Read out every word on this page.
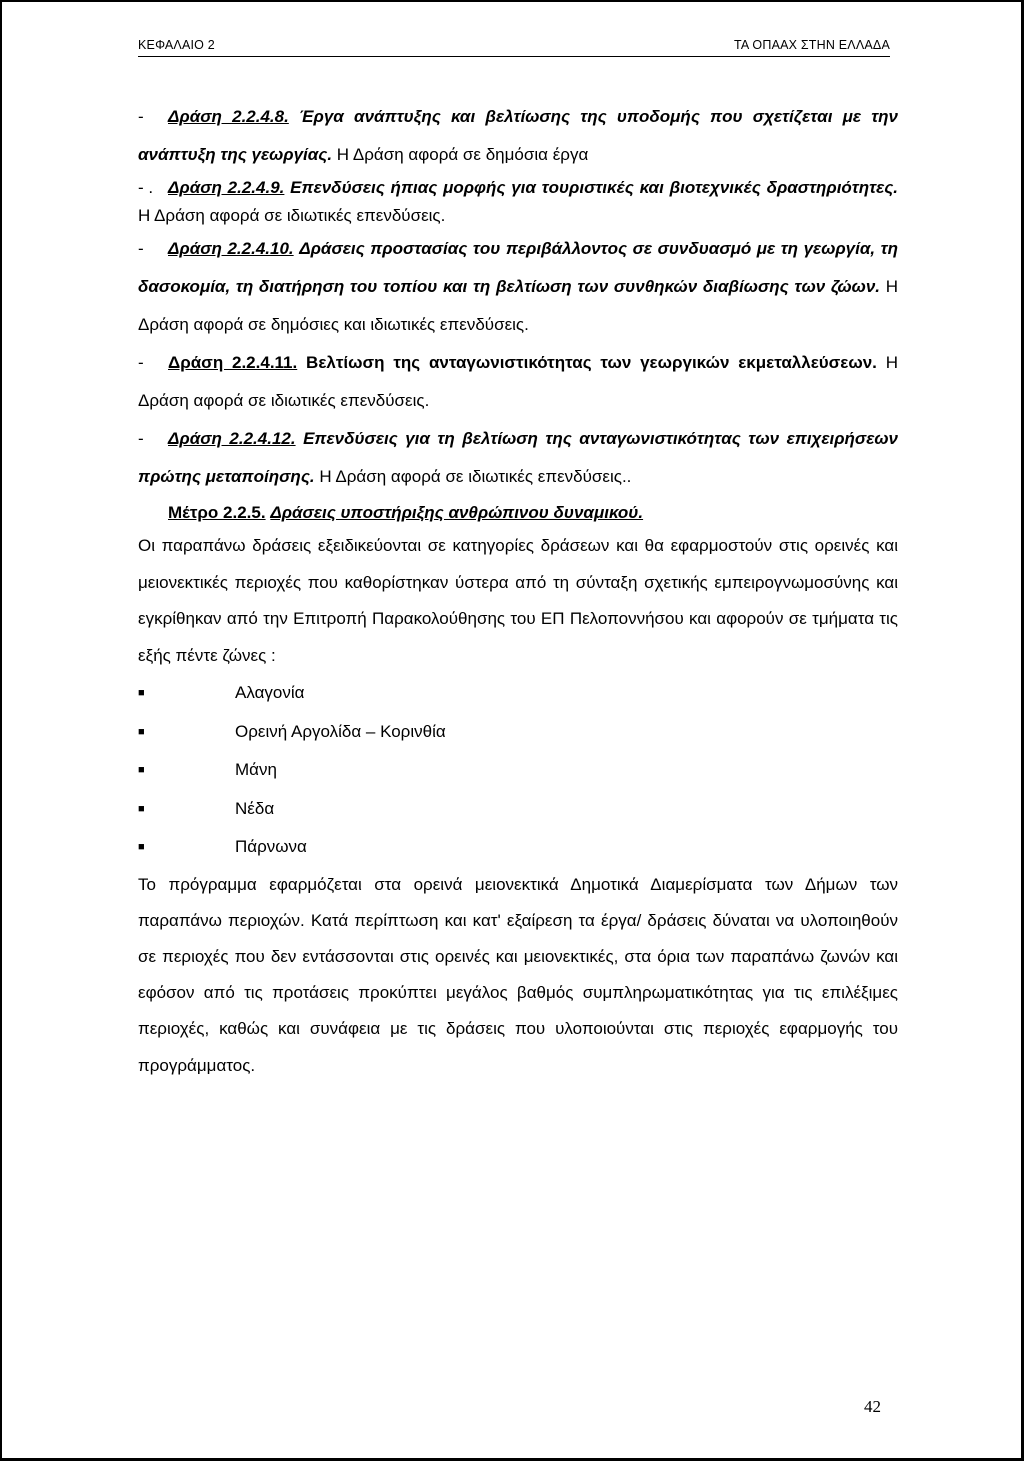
ΚΕΦΑΛΑΙΟ 2	ΤΑ ΟΠΑΑΧ ΣΤΗΝ ΕΛΛΑΔΑ
- Δράση 2.2.4.8. Έργα ανάπτυξης και βελτίωσης της υποδομής που σχετίζεται με την ανάπτυξη της γεωργίας. Η Δράση αφορά σε δημόσια έργα
- . Δράση 2.2.4.9. Επενδύσεις ήπιας μορφής για τουριστικές και βιοτεχνικές δραστηριότητες. Η Δράση αφορά σε ιδιωτικές επενδύσεις.
- Δράση 2.2.4.10. Δράσεις προστασίας του περιβάλλοντος σε συνδυασμό με τη γεωργία, τη δασοκομία, τη διατήρηση του τοπίου και τη βελτίωση των συνθηκών διαβίωσης των ζώων. Η Δράση αφορά σε δημόσιες και ιδιωτικές επενδύσεις.
- Δράση 2.2.4.11. Βελτίωση της ανταγωνιστικότητας των γεωργικών εκμεταλλεύσεων. Η Δράση αφορά σε ιδιωτικές επενδύσεις.
- Δράση 2.2.4.12. Επενδύσεις για τη βελτίωση της ανταγωνιστικότητας των επιχειρήσεων πρώτης μεταποίησης. Η Δράση αφορά σε ιδιωτικές επενδύσεις..
Μέτρο 2.2.5. Δράσεις υποστήριξης ανθρώπινου δυναμικού.
Οι παραπάνω δράσεις εξειδικεύονται σε κατηγορίες δράσεων και θα εφαρμοστούν στις ορεινές και μειονεκτικές περιοχές που καθορίστηκαν ύστερα από τη σύνταξη σχετικής εμπειρογνωμοσύνης και εγκρίθηκαν από την Επιτροπή Παρακολούθησης του ΕΠ Πελοποννήσου και αφορούν σε τμήματα τις εξής πέντε ζώνες :
■	Αλαγονία
■	Ορεινή Αργολίδα – Κορινθία
■	Μάνη
■	Νέδα
■	Πάρνωνα
Το πρόγραμμα εφαρμόζεται στα ορεινά μειονεκτικά Δημοτικά Διαμερίσματα των Δήμων των παραπάνω περιοχών. Κατά περίπτωση και κατ' εξαίρεση τα έργα/ δράσεις δύναται να υλοποιηθούν σε περιοχές που δεν εντάσσονται στις ορεινές και μειονεκτικές, στα όρια των παραπάνω ζωνών και εφόσον από τις προτάσεις προκύπτει μεγάλος βαθμός συμπληρωματικότητας για τις επιλέξιμες περιοχές, καθώς και συνάφεια με τις δράσεις που υλοποιούνται στις περιοχές εφαρμογής του προγράμματος.
42
